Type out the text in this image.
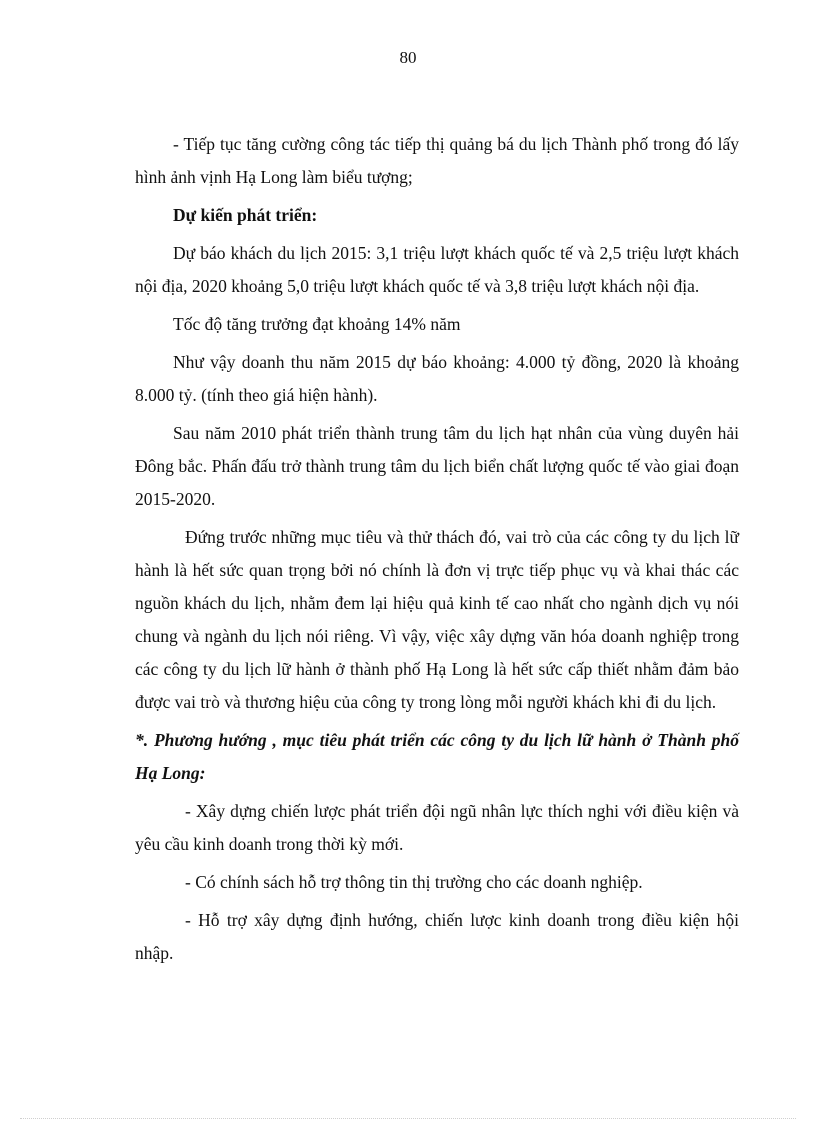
80

- Tiếp tục tăng cường công tác tiếp thị quảng bá du lịch Thành phố trong đó lấy hình ảnh vịnh Hạ Long làm biểu tượng;

Dự kiến phát triển:

Dự báo khách du lịch 2015: 3,1 triệu lượt khách quốc tế và 2,5 triệu lượt khách nội địa, 2020 khoảng 5,0 triệu lượt khách quốc tế và 3,8 triệu lượt khách nội địa.

Tốc độ tăng trưởng đạt khoảng 14% năm

Như vậy doanh thu năm 2015 dự báo khoảng: 4.000 tỷ đồng, 2020 là khoảng 8.000 tỷ. (tính theo giá hiện hành).

Sau năm 2010 phát triển thành trung tâm du lịch hạt nhân của vùng duyên hải Đông bắc. Phấn đấu trở thành trung tâm du lịch biển chất lượng quốc tế vào giai đoạn 2015-2020.

Đứng trước những mục tiêu và thử thách đó, vai trò của các công ty du lịch lữ hành là hết sức quan trọng bởi nó chính là đơn vị trực tiếp phục vụ và khai thác các nguồn khách du lịch, nhằm đem lại hiệu quả kinh tế cao nhất cho ngành dịch vụ nói chung và ngành du lịch nói riêng. Vì vậy, việc xây dựng văn hóa doanh nghiệp trong các công ty du lịch lữ hành ở thành phố Hạ Long là hết sức cấp thiết nhằm đảm bảo được vai trò và thương hiệu của công ty trong lòng mỗi người khách khi đi du lịch.

*. Phương hướng , mục tiêu phát triển các công ty du lịch lữ hành ở Thành phố Hạ Long:

- Xây dựng chiến lược phát triển đội ngũ nhân lực thích nghi với điều kiện và yêu cầu kinh doanh trong thời kỳ mới.

- Có chính sách hỗ trợ thông tin thị trường cho các doanh nghiệp.

- Hỗ trợ xây dựng định hướng, chiến lược kinh doanh trong điều kiện hội nhập.
